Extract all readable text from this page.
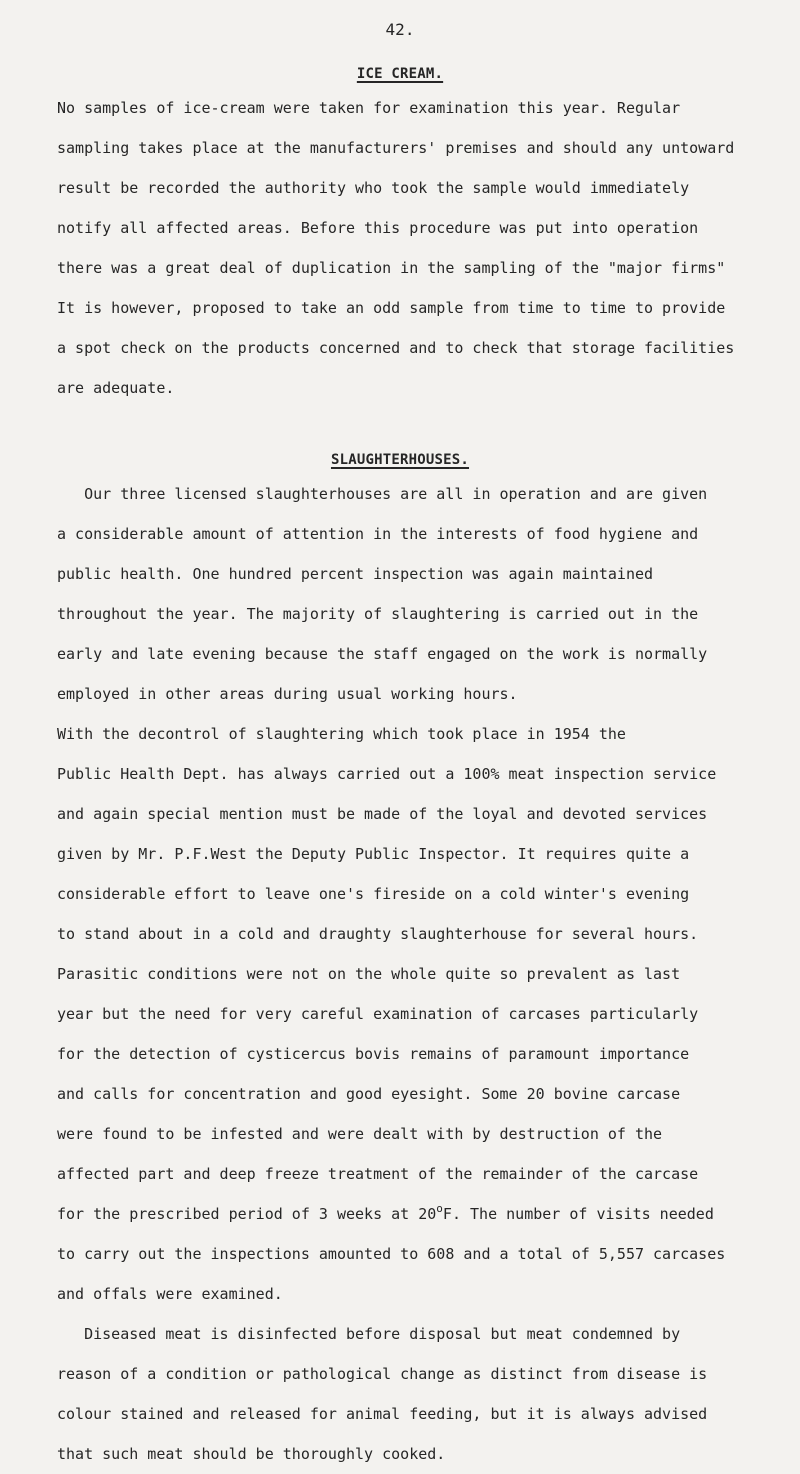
42.
ICE CREAM.
No samples of ice-cream were taken for examination this year. Regular
sampling takes place at the manufacturers' premises and should any untoward
result be recorded the authority who took the sample would immediately
notify all affected areas. Before this procedure was put into operation
there was a great deal of duplication in the sampling of the "major firms"
It is however, proposed to take an odd sample from time to time to provide
a spot check on the products concerned and to check that storage facilities
are adequate.
SLAUGHTERHOUSES.
Our three licensed slaughterhouses are all in operation and are given
a considerable amount of attention in the interests of food hygiene and
public health. One hundred percent inspection was again maintained
throughout the year. The majority of slaughtering is carried out in the
early and late evening because the staff engaged on the work is normally
employed in other areas during usual working hours.
With the decontrol of slaughtering which took place in 1954 the
Public Health Dept. has always carried out a 100% meat inspection service
and again special mention must be made of the loyal and devoted services
given by Mr. P.F.West the Deputy Public Inspector. It requires quite a
considerable effort to leave one's fireside on a cold winter's evening
to stand about in a cold and draughty slaughterhouse for several hours.
Parasitic conditions were not on the whole quite so prevalent as last
year but the need for very careful examination of carcases particularly
for the detection of cysticercus bovis remains of paramount importance
and calls for concentration and good eyesight. Some 20 bovine carcase
were found to be infested and were dealt with by destruction of the
affected part and deep freeze treatment of the remainder of the carcase
for the prescribed period of 3 weeks at 20$^o$F. The number of visits needed
to carry out the inspections amounted to 608 and a total of 5,557 carcases
and offals were examined.
Diseased meat is disinfected before disposal but meat condemned by
reason of a condition or pathological change as distinct from disease is
colour stained and released for animal feeding, but it is always advised
that such meat should be thoroughly cooked.
